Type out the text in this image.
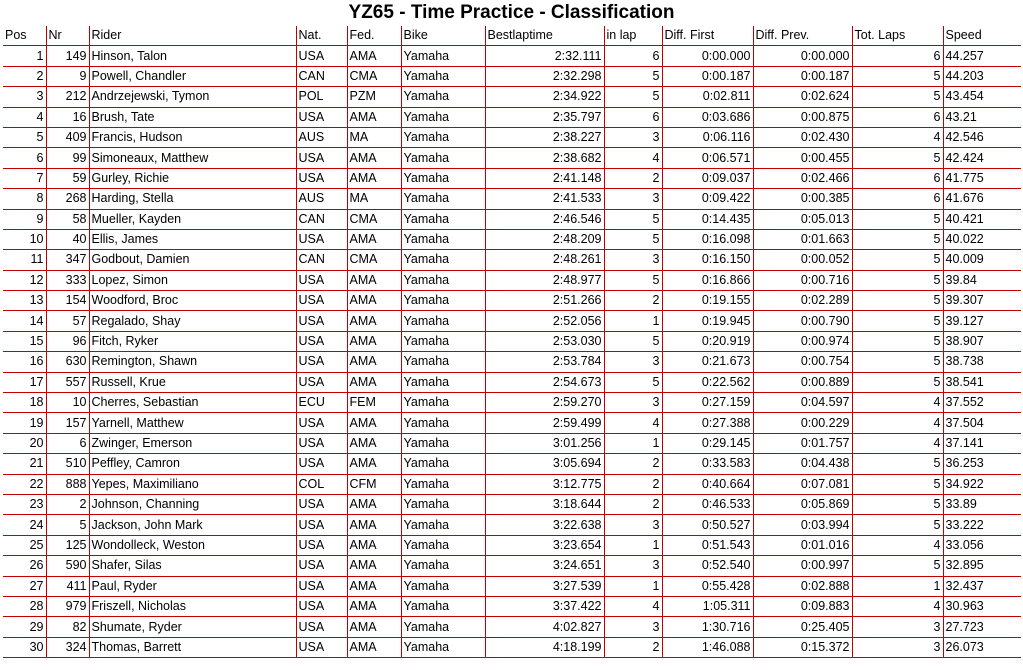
YZ65 - Time Practice - Classification
Pos	Nr	Rider	Nat.	Fed.	Bike	Bestlaptime	in lap	Diff. First	Diff. Prev.	Tot. Laps	Speed
1	149	Hinson, Talon	USA	AMA	Yamaha	2:32.111	6	0:00.000	0:00.000	6	44.257
2	9	Powell, Chandler	CAN	CMA	Yamaha	2:32.298	5	0:00.187	0:00.187	5	44.203
3	212	Andrzejewski, Tymon	POL	PZM	Yamaha	2:34.922	5	0:02.811	0:02.624	5	43.454
4	16	Brush, Tate	USA	AMA	Yamaha	2:35.797	6	0:03.686	0:00.875	6	43.21
5	409	Francis, Hudson	AUS	MA	Yamaha	2:38.227	3	0:06.116	0:02.430	4	42.546
6	99	Simoneaux, Matthew	USA	AMA	Yamaha	2:38.682	4	0:06.571	0:00.455	5	42.424
7	59	Gurley, Richie	USA	AMA	Yamaha	2:41.148	2	0:09.037	0:02.466	6	41.775
8	268	Harding, Stella	AUS	MA	Yamaha	2:41.533	3	0:09.422	0:00.385	6	41.676
9	58	Mueller, Kayden	CAN	CMA	Yamaha	2:46.546	5	0:14.435	0:05.013	5	40.421
10	40	Ellis, James	USA	AMA	Yamaha	2:48.209	5	0:16.098	0:01.663	5	40.022
11	347	Godbout, Damien	CAN	CMA	Yamaha	2:48.261	3	0:16.150	0:00.052	5	40.009
12	333	Lopez, Simon	USA	AMA	Yamaha	2:48.977	5	0:16.866	0:00.716	5	39.84
13	154	Woodford, Broc	USA	AMA	Yamaha	2:51.266	2	0:19.155	0:02.289	5	39.307
14	57	Regalado, Shay	USA	AMA	Yamaha	2:52.056	1	0:19.945	0:00.790	5	39.127
15	96	Fitch, Ryker	USA	AMA	Yamaha	2:53.030	5	0:20.919	0:00.974	5	38.907
16	630	Remington, Shawn	USA	AMA	Yamaha	2:53.784	3	0:21.673	0:00.754	5	38.738
17	557	Russell, Krue	USA	AMA	Yamaha	2:54.673	5	0:22.562	0:00.889	5	38.541
18	10	Cherres, Sebastian	ECU	FEM	Yamaha	2:59.270	3	0:27.159	0:04.597	4	37.552
19	157	Yarnell, Matthew	USA	AMA	Yamaha	2:59.499	4	0:27.388	0:00.229	4	37.504
20	6	Zwinger, Emerson	USA	AMA	Yamaha	3:01.256	1	0:29.145	0:01.757	4	37.141
21	510	Peffley, Camron	USA	AMA	Yamaha	3:05.694	2	0:33.583	0:04.438	5	36.253
22	888	Yepes, Maximiliano	COL	CFM	Yamaha	3:12.775	2	0:40.664	0:07.081	5	34.922
23	2	Johnson, Channing	USA	AMA	Yamaha	3:18.644	2	0:46.533	0:05.869	5	33.89
24	5	Jackson, John Mark	USA	AMA	Yamaha	3:22.638	3	0:50.527	0:03.994	5	33.222
25	125	Wondolleck, Weston	USA	AMA	Yamaha	3:23.654	1	0:51.543	0:01.016	4	33.056
26	590	Shafer, Silas	USA	AMA	Yamaha	3:24.651	3	0:52.540	0:00.997	5	32.895
27	411	Paul, Ryder	USA	AMA	Yamaha	3:27.539	1	0:55.428	0:02.888	1	32.437
28	979	Friszell, Nicholas	USA	AMA	Yamaha	3:37.422	4	1:05.311	0:09.883	4	30.963
29	82	Shumate, Ryder	USA	AMA	Yamaha	4:02.827	3	1:30.716	0:25.405	3	27.723
30	324	Thomas, Barrett	USA	AMA	Yamaha	4:18.199	2	1:46.088	0:15.372	3	26.073
